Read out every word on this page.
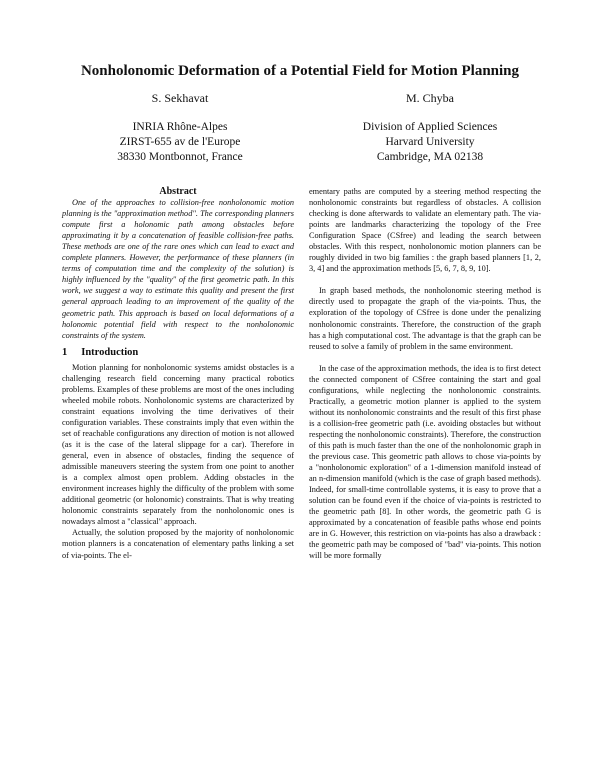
Nonholonomic Deformation of a Potential Field for Motion Planning
S. Sekhavat	M. Chyba
INRIA Rhône-Alpes
ZIRST-655 av de l'Europe
38330 Montbonnot, France
Division of Applied Sciences
Harvard University
Cambridge, MA 02138

Abstract

One of the approaches to collision-free nonholonomic motion planning is the "approximation method". The corresponding planners compute first a holonomic path among obstacles before approximating it by a concatenation of feasible collision-free paths. These methods are one of the rare ones which can lead to exact and complete planners. However, the performance of these planners (in terms of computation time and the complexity of the solution) is highly influenced by the "quality" of the first geometric path. In this work, we suggest a way to estimate this quality and present the first general approach leading to an improvement of the quality of the geometric path. This approach is based on local deformations of a holonomic potential field with respect to the nonholonomic constraints of the system.

1 Introduction

Motion planning for nonholonomic systems amidst obstacles is a challenging research field concerning many practical robotics problems. Examples of these problems are most of the ones including wheeled mobile robots. Nonholonomic systems are characterized by constraint equations involving the time derivatives of their configuration variables. These constraints imply that even within the set of reachable configurations any direction of motion is not allowed (as it is the case of the lateral slippage for a car). Therefore in general, even in absence of obstacles, finding the sequence of admissible maneuvers steering the system from one point to another is a complex almost open problem. Adding obstacles in the environment increases highly the difficulty of the problem with some additional geometric (or holonomic) constraints. That is why treating holonomic constraints separately from the nonholonomic ones is nowadays almost a "classical" approach.

Actually, the solution proposed by the majority of nonholonomic motion planners is a concatenation of elementary paths linking a set of via-points. The el-

ementary paths are computed by a steering method respecting the nonholonomic constraints but regardless of obstacles. A collision checking is done afterwards to validate an elementary path. The via-points are landmarks characterizing the topology of the Free Configuration Space (CSfree) and leading the search between obstacles. With this respect, nonholonomic motion planners can be roughly divided in two big families : the graph based planners [1, 2, 3, 4] and the approximation methods [5, 6, 7, 8, 9, 10].

In graph based methods, the nonholonomic steering method is directly used to propagate the graph of the via-points. Thus, the exploration of the topology of CSfree is done under the penalizing nonholonomic constraints. Therefore, the construction of the graph has a high computational cost. The advantage is that the graph can be reused to solve a family of problem in the same environment.

In the case of the approximation methods, the idea is to first detect the connected component of CSfree containing the start and goal configurations, while neglecting the nonholonomic constraints. Practically, a geometric motion planner is applied to the system without its nonholonomic constraints and the result of this first phase is a collision-free geometric path (i.e. avoiding obstacles but without respecting the nonholonomic constraints). Therefore, the construction of this path is much faster than the one of the nonholonomic graph in the previous case. This geometric path allows to chose via-points by a "nonholonomic exploration" of a 1-dimension manifold instead of an n-dimension manifold (which is the case of graph based methods). Indeed, for small-time controllable systems, it is easy to prove that a solution can be found even if the choice of via-points is restricted to the geometric path [8]. In other words, the geometric path G is approximated by a concatenation of feasible paths whose end points are in G. However, this restriction on via-points has also a drawback : the geometric path may be composed of "bad" via-points. This notion will be more formally
